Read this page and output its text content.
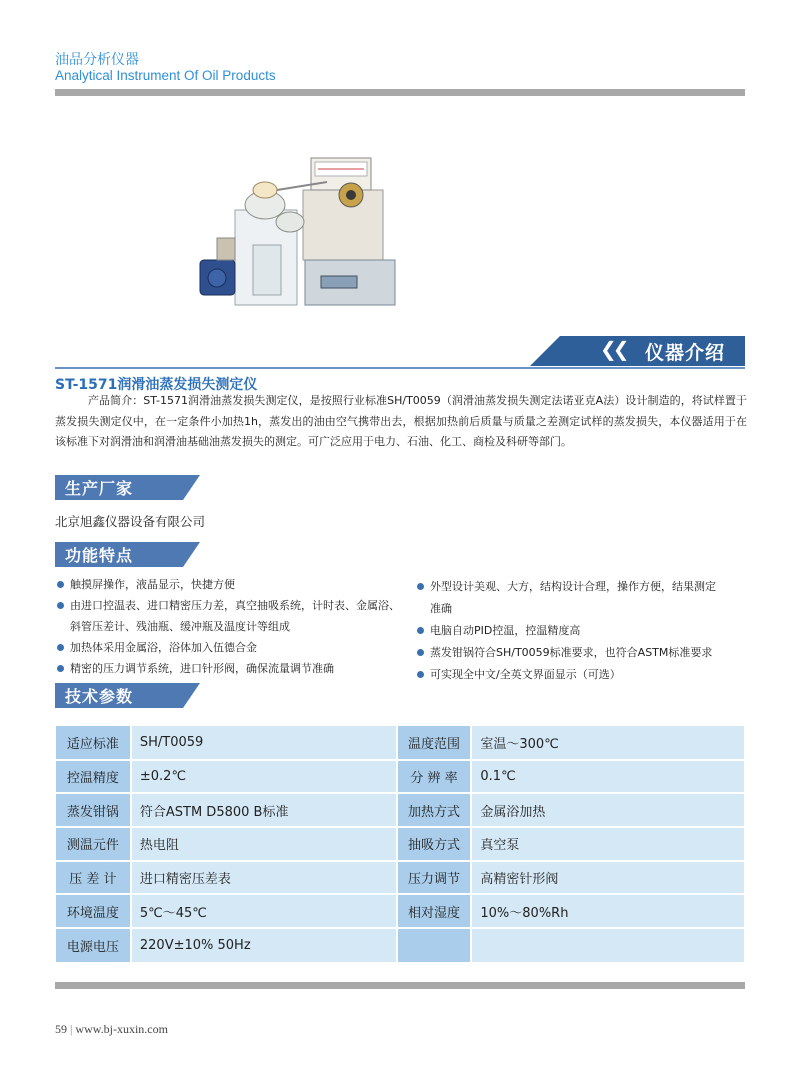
油品分析仪器
Analytical Instrument Of Oil Products
❮❮ 仪器介绍
ST-1571润滑油蒸发损失测定仪

产品简介：ST-1571润滑油蒸发损失测定仪，是按照行业标准SH/T0059（润滑油蒸发损失测定法诺亚克A法）设计制造的，将试样置于蒸发损失测定仪中，在一定条件小加热1h，蒸发出的油由空气携带出去，根据加热前后质量与质量之差测定试样的蒸发损失，本仪器适用于在该标准下对润滑油和润滑油基础油蒸发损失的测定。可广泛应用于电力、石油、化工、商检及科研等部门。

生产厂家
北京旭鑫仪器设备有限公司
功能特点
触摸屏操作，液晶显示，快捷方便
由进口控温表、进口精密压力差，真空抽吸系统，计时表、金属浴、斜管压差计、残油瓶、缓冲瓶及温度计等组成
加热体采用金属浴，浴体加入伍德合金
精密的压力调节系统，进口针形阀，确保流量调节准确
外型设计美观、大方，结构设计合理，操作方便，结果测定准确
电脑自动PID控温，控温精度高
蒸发钳锅符合SH/T0059标准要求，也符合ASTM标准要求
可实现全中文/全英文界面显示（可选）
技术参数
适应标准	SH/T0059	温度范围	室温～300℃
控温精度	±0.2℃	分 辨 率	0.1℃
蒸发钳锅	符合ASTM D5800 B标准	加热方式	金属浴加热
测温元件	热电阻	抽吸方式	真空泵
压 差 计	进口精密压差表	压力调节	高精密针形阀
环境温度	5℃～45℃	相对湿度	10%～80%Rh
电源电压	220V±10% 50Hz		
59 | www.bj-xuxin.com
